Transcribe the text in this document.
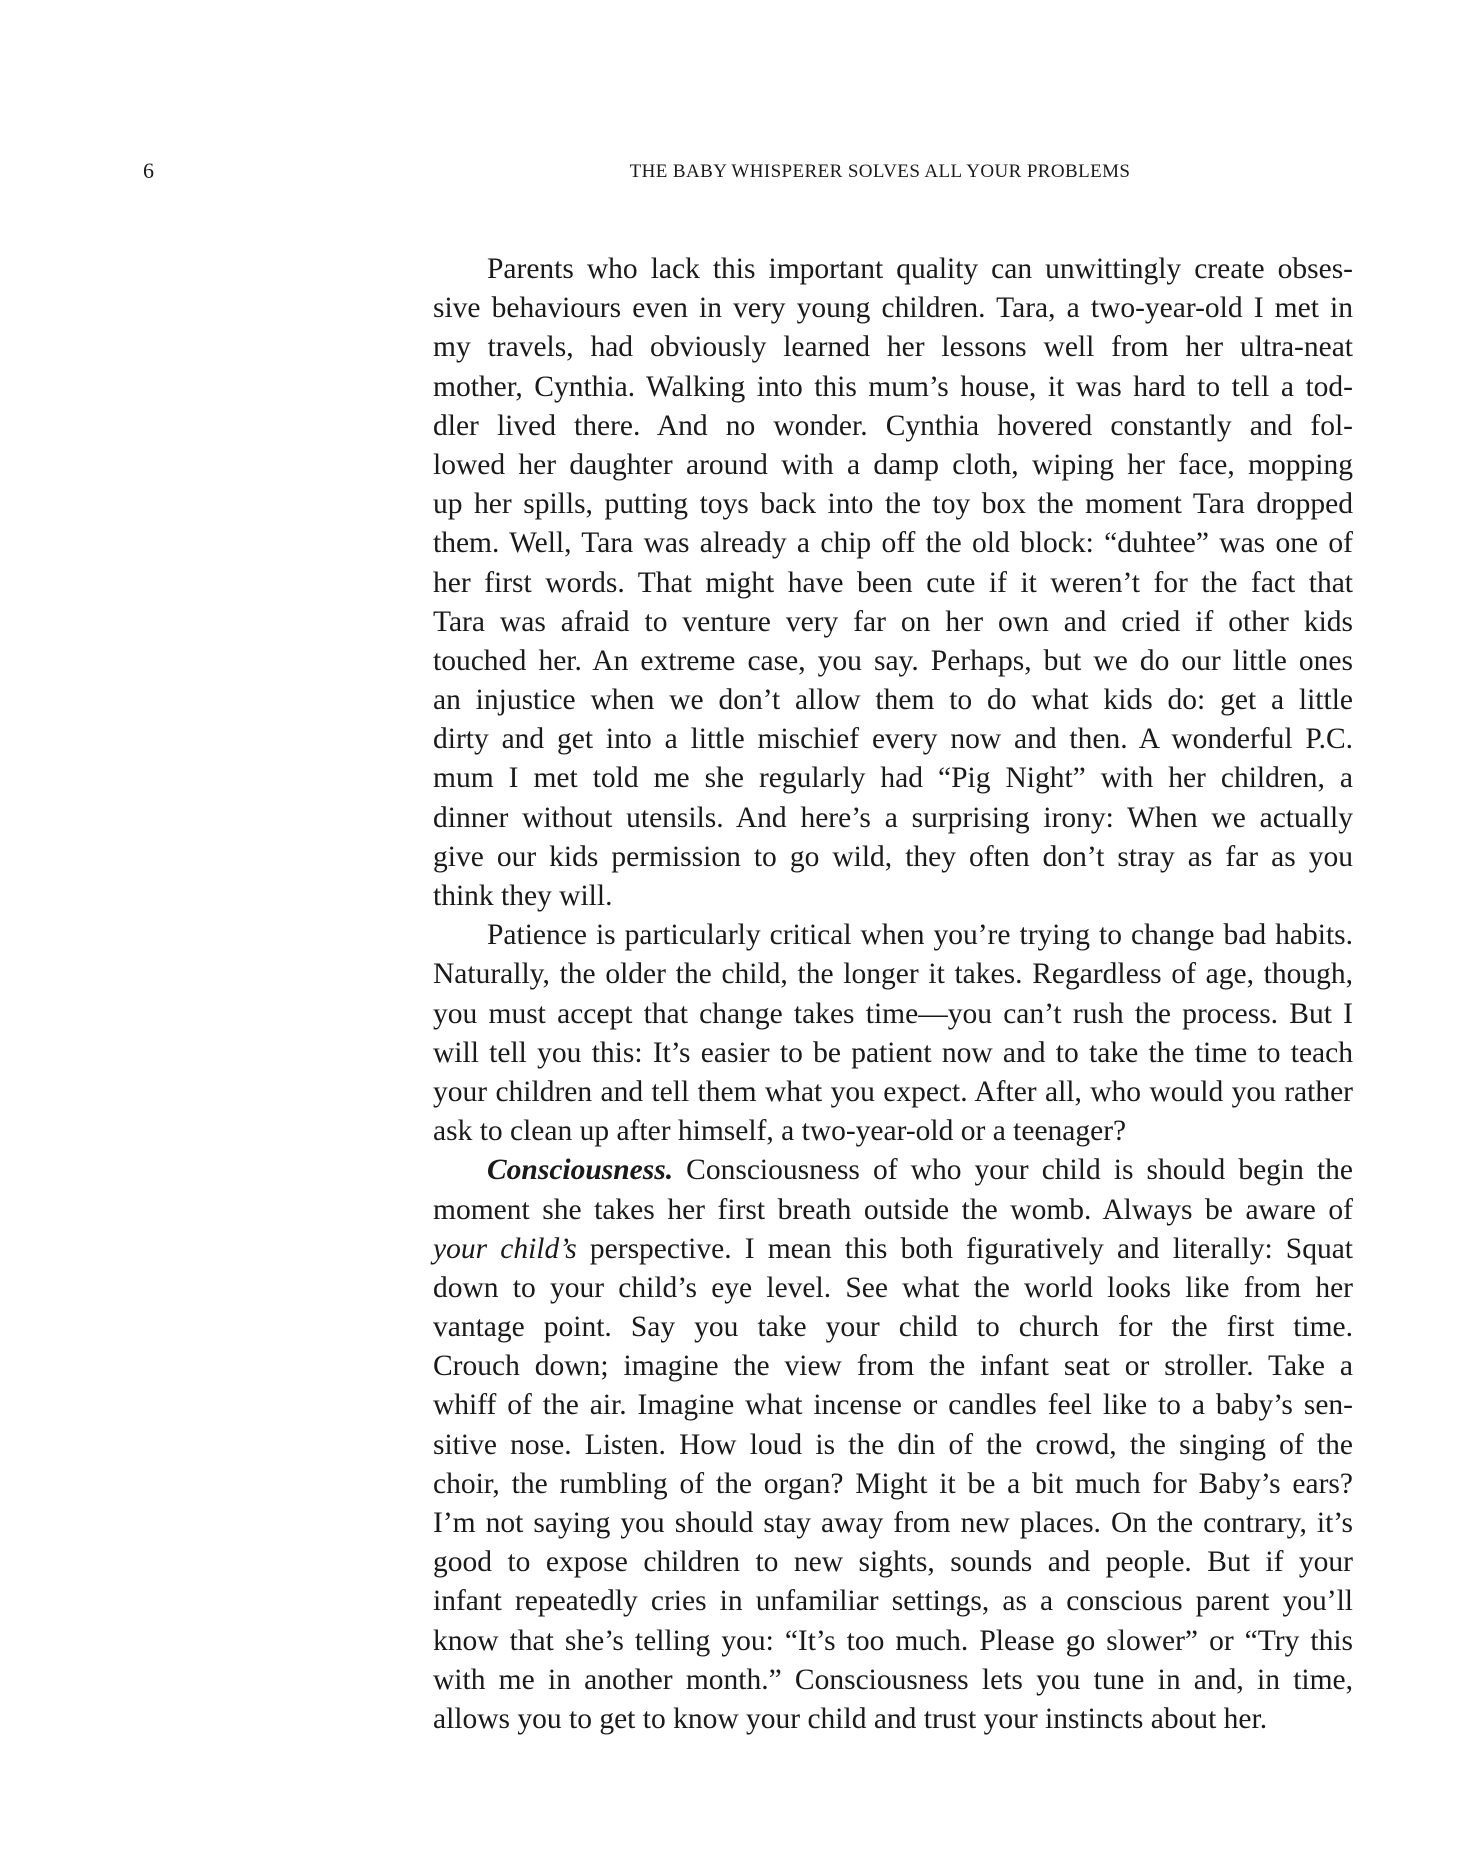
6	THE BABY WHISPERER SOLVES ALL YOUR PROBLEMS
Parents who lack this important quality can unwittingly create obses-
sive behaviours even in very young children. Tara, a two-year-old I met in
my travels, had obviously learned her lessons well from her ultra-neat
mother, Cynthia. Walking into this mum’s house, it was hard to tell a tod-
dler lived there. And no wonder. Cynthia hovered constantly and fol-
lowed her daughter around with a damp cloth, wiping her face, mopping
up her spills, putting toys back into the toy box the moment Tara dropped
them. Well, Tara was already a chip off the old block: “duhtee” was one of
her first words. That might have been cute if it weren’t for the fact that
Tara was afraid to venture very far on her own and cried if other kids
touched her. An extreme case, you say. Perhaps, but we do our little ones
an injustice when we don’t allow them to do what kids do: get a little
dirty and get into a little mischief every now and then. A wonderful P.C.
mum I met told me she regularly had “Pig Night” with her children, a
dinner without utensils. And here’s a surprising irony: When we actually
give our kids permission to go wild, they often don’t stray as far as you
think they will.
Patience is particularly critical when you’re trying to change bad habits.
Naturally, the older the child, the longer it takes. Regardless of age, though,
you must accept that change takes time—you can’t rush the process. But I
will tell you this: It’s easier to be patient now and to take the time to teach
your children and tell them what you expect. After all, who would you rather
ask to clean up after himself, a two-year-old or a teenager?
Consciousness. Consciousness of who your child is should begin the
moment she takes her first breath outside the womb. Always be aware of
your child’s perspective. I mean this both figuratively and literally: Squat
down to your child’s eye level. See what the world looks like from her
vantage point. Say you take your child to church for the first time.
Crouch down; imagine the view from the infant seat or stroller. Take a
whiff of the air. Imagine what incense or candles feel like to a baby’s sen-
sitive nose. Listen. How loud is the din of the crowd, the singing of the
choir, the rumbling of the organ? Might it be a bit much for Baby’s ears?
I’m not saying you should stay away from new places. On the contrary, it’s
good to expose children to new sights, sounds and people. But if your
infant repeatedly cries in unfamiliar settings, as a conscious parent you’ll
know that she’s telling you: “It’s too much. Please go slower” or “Try this
with me in another month.” Consciousness lets you tune in and, in time,
allows you to get to know your child and trust your instincts about her.
